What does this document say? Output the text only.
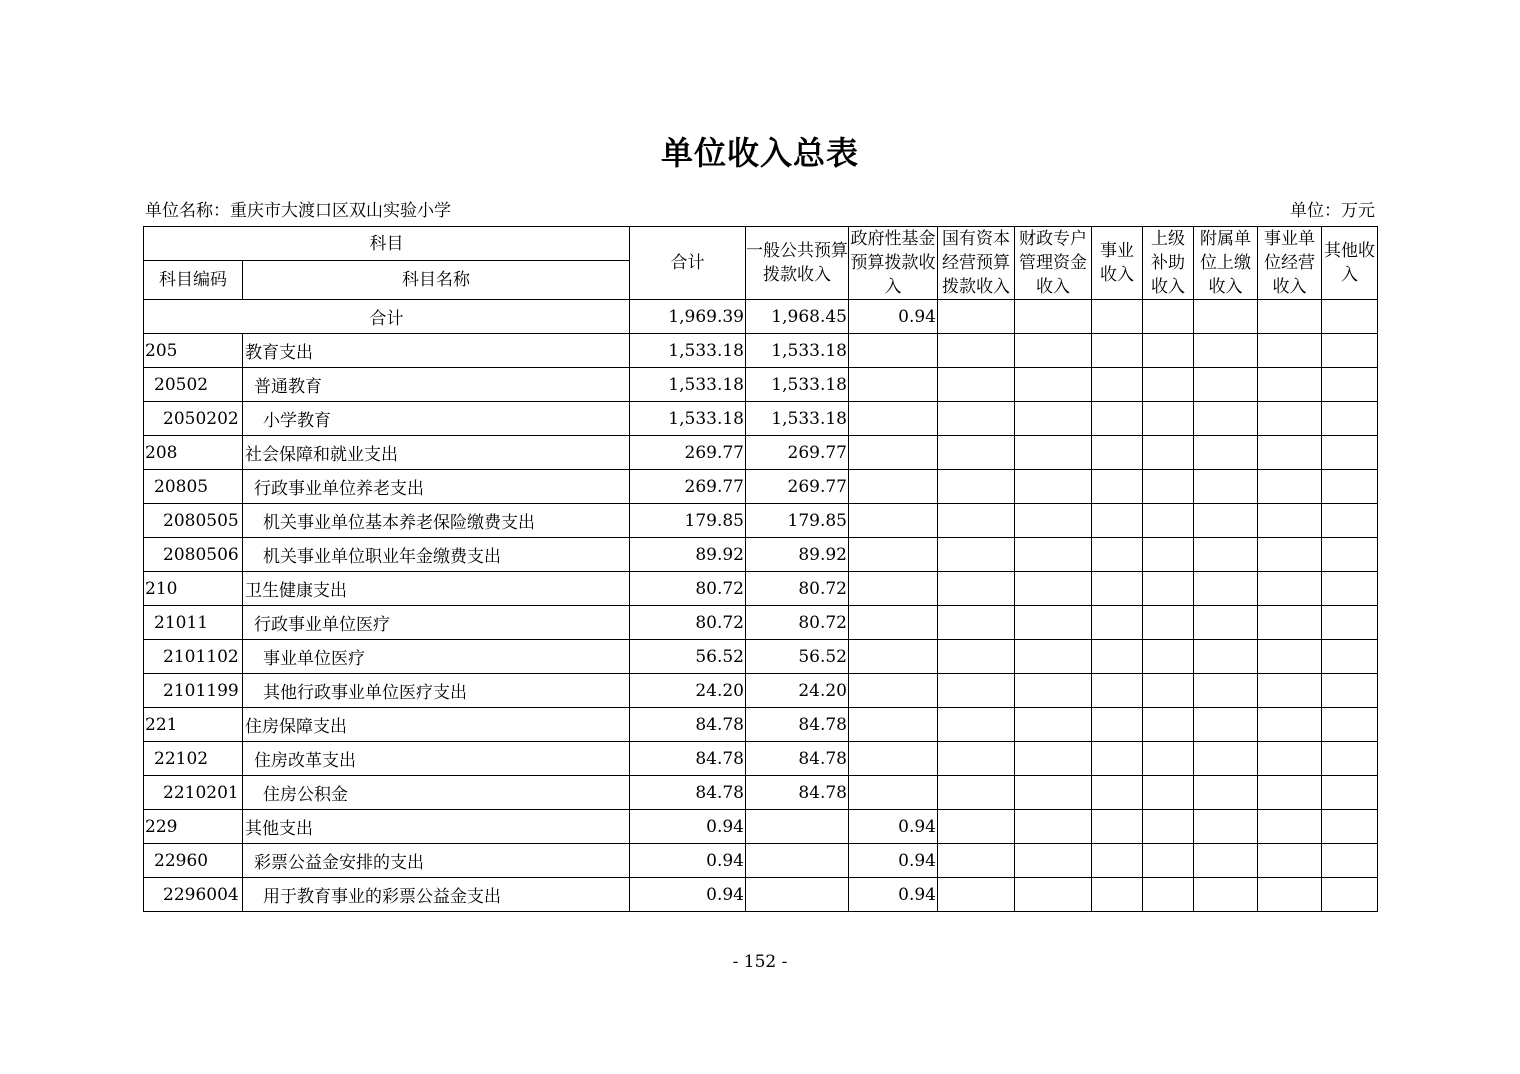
单位收入总表
单位名称：重庆市大渡口区双山实验小学	单位：万元
科目		合计	一般公共预算拨款收入	政府性基金预算拨款收入	国有资本经营预算拨款收入	财政专户管理资金收入	事业收入	上级补助收入	附属单位上缴收入	事业单位经营收入	其他收入
科目编码	科目名称										
合计		1,969.39	1,968.45	0.94							
205	教育支出	1,533.18	1,533.18								
20502	普通教育	1,533.18	1,533.18								
2050202	小学教育	1,533.18	1,533.18								
208	社会保障和就业支出	269.77	269.77								
20805	行政事业单位养老支出	269.77	269.77								
2080505	机关事业单位基本养老保险缴费支出	179.85	179.85								
2080506	机关事业单位职业年金缴费支出	89.92	89.92								
210	卫生健康支出	80.72	80.72								
21011	行政事业单位医疗	80.72	80.72								
2101102	事业单位医疗	56.52	56.52								
2101199	其他行政事业单位医疗支出	24.20	24.20								
221	住房保障支出	84.78	84.78								
22102	住房改革支出	84.78	84.78								
2210201	住房公积金	84.78	84.78								
229	其他支出	0.94		0.94							
22960	彩票公益金安排的支出	0.94		0.94							
2296004	用于教育事业的彩票公益金支出	0.94		0.94							
- 152 -
